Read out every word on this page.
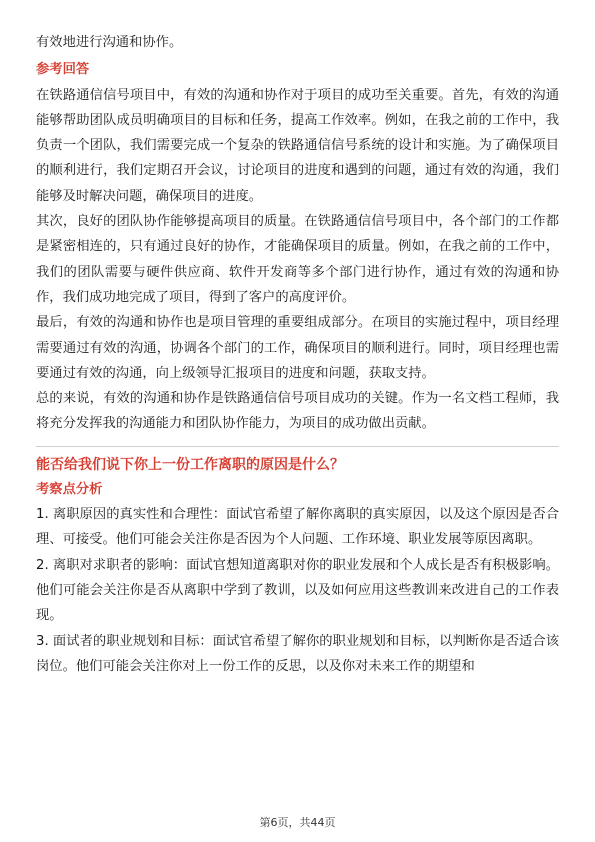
有效地进行沟通和协作。

参考回答

在铁路通信信号项目中，有效的沟通和协作对于项目的成功至关重要。首先，有效的沟通能够帮助团队成员明确项目的目标和任务，提高工作效率。例如，在我之前的工作中，我负责一个团队，我们需要完成一个复杂的铁路通信信号系统的设计和实施。为了确保项目的顺利进行，我们定期召开会议，讨论项目的进度和遇到的问题，通过有效的沟通，我们能够及时解决问题，确保项目的进度。

其次，良好的团队协作能够提高项目的质量。在铁路通信信号项目中，各个部门的工作都是紧密相连的，只有通过良好的协作，才能确保项目的质量。例如，在我之前的工作中，我们的团队需要与硬件供应商、软件开发商等多个部门进行协作，通过有效的沟通和协作，我们成功地完成了项目，得到了客户的高度评价。

最后，有效的沟通和协作也是项目管理的重要组成部分。在项目的实施过程中，项目经理需要通过有效的沟通，协调各个部门的工作，确保项目的顺利进行。同时，项目经理也需要通过有效的沟通，向上级领导汇报项目的进度和问题，获取支持。

总的来说，有效的沟通和协作是铁路通信信号项目成功的关键。作为一名文档工程师，我将充分发挥我的沟通能力和团队协作能力，为项目的成功做出贡献。

能否给我们说下你上一份工作离职的原因是什么？
考察点分析

1. 离职原因的真实性和合理性：面试官希望了解你离职的真实原因，以及这个原因是否合理、可接受。他们可能会关注你是否因为个人问题、工作环境、职业发展等原因离职。

2. 离职对求职者的影响：面试官想知道离职对你的职业发展和个人成长是否有积极影响。他们可能会关注你是否从离职中学到了教训，以及如何应用这些教训来改进自己的工作表现。

3. 面试者的职业规划和目标：面试官希望了解你的职业规划和目标，以判断你是否适合该岗位。他们可能会关注你对上一份工作的反思，以及你对未来工作的期望和

第6页，共44页
